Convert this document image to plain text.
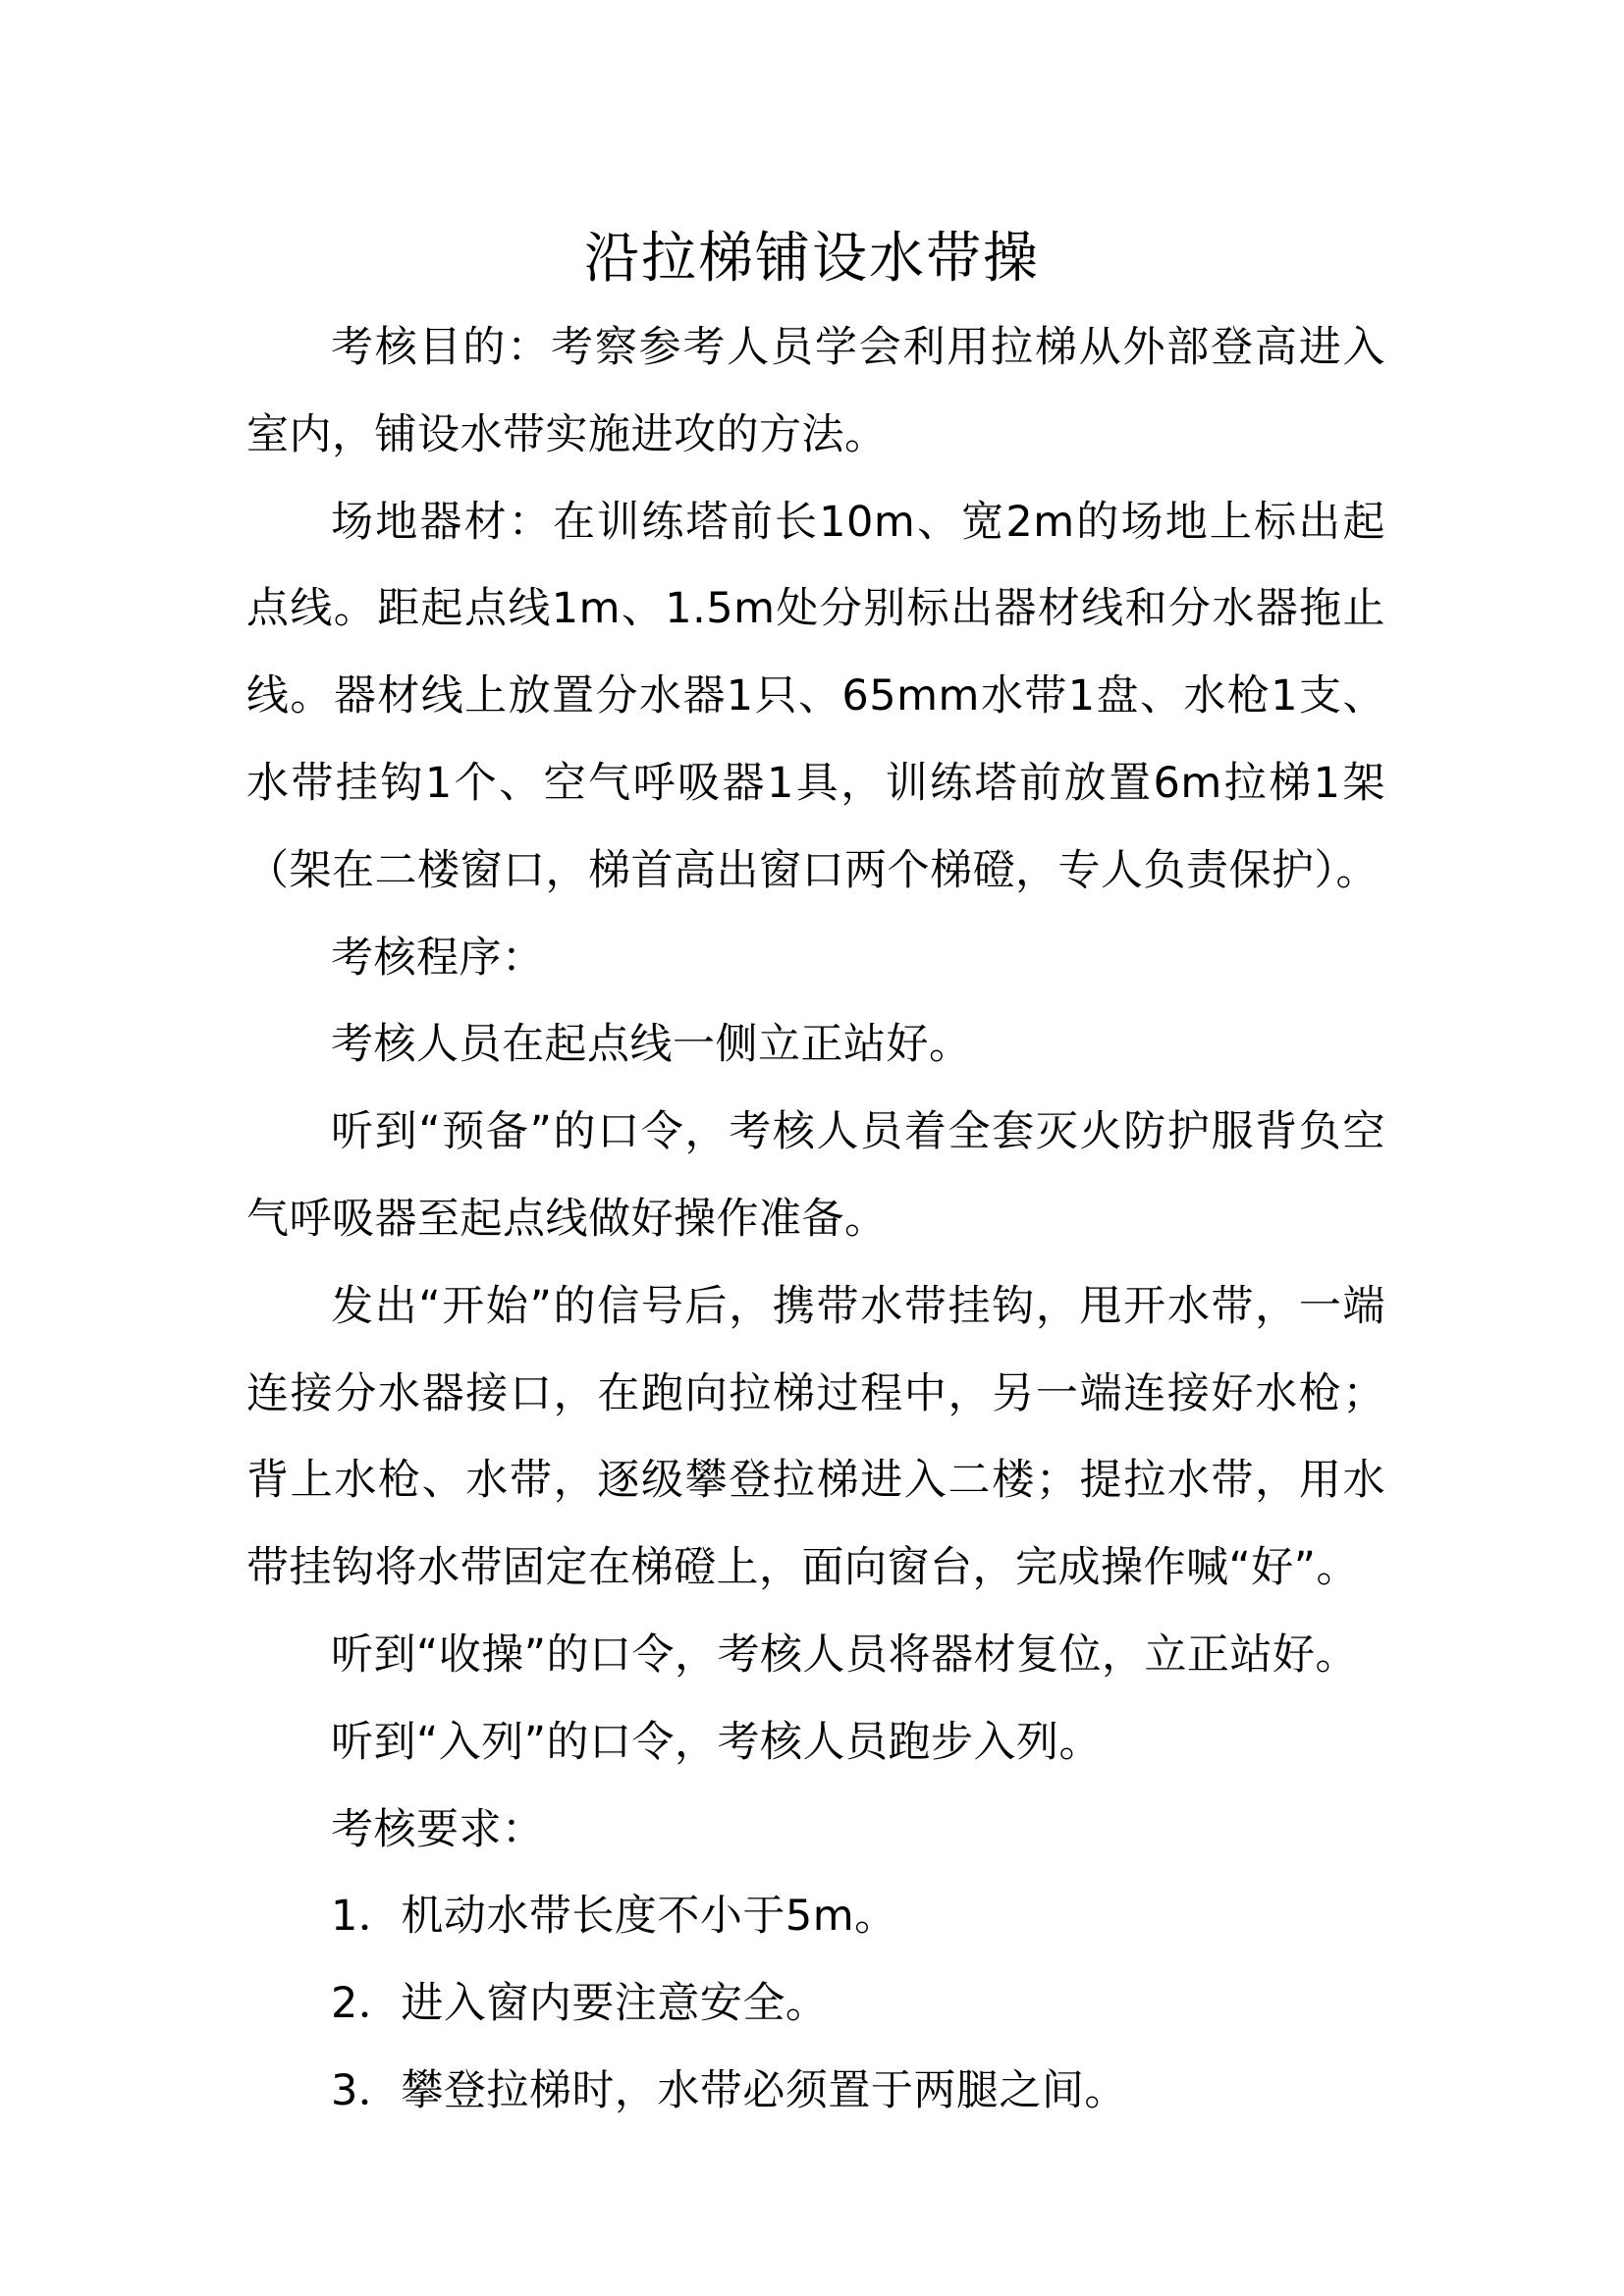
沿拉梯铺设水带操

考核目的：考察参考人员学会利用拉梯从外部登高进入室内，铺设水带实施进攻的方法。

场地器材：在训练塔前长10m、宽2m的场地上标出起点线。距起点线1m、1.5m处分别标出器材线和分水器拖止线。器材线上放置分水器1只、65mm水带1盘、水枪1支、水带挂钩1个、空气呼吸器1具，训练塔前放置6m拉梯1架（架在二楼窗口，梯首高出窗口两个梯磴，专人负责保护）。

考核程序：

考核人员在起点线一侧立正站好。

听到“预备”的口令，考核人员着全套灭火防护服背负空气呼吸器至起点线做好操作准备。

发出“开始”的信号后，携带水带挂钩，甩开水带，一端连接分水器接口，在跑向拉梯过程中，另一端连接好水枪；背上水枪、水带，逐级攀登拉梯进入二楼；提拉水带，用水带挂钩将水带固定在梯磴上，面向窗台，完成操作喊“好”。

听到“收操”的口令，考核人员将器材复位，立正站好。

听到“入列”的口令，考核人员跑步入列。

考核要求：

1．机动水带长度不小于5m。

2．进入窗内要注意安全。

3．攀登拉梯时，水带必须置于两腿之间。
